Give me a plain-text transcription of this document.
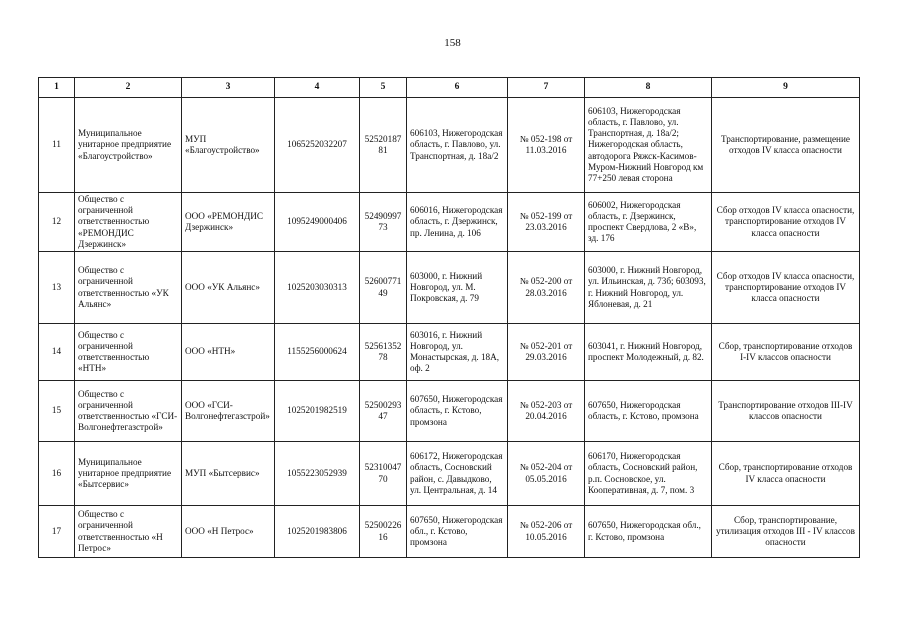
158
1	2	3	4	5	6	7	8	9
11	Муниципальное унитарное предприятие «Благоустройство»	МУП «Благоустройство»	1065252032207	5252018781	606103, Нижегородская область, г. Павлово, ул. Транспортная, д. 18а/2	№ 052-198 от 11.03.2016	606103, Нижегородская область, г. Павлово, ул. Транспортная, д. 18а/2; Нижегородская область, автодорога Ряжск-Касимов-Муром-Нижний Новгород км 77+250 левая сторона	Транспортирование, размещение отходов IV класса опасности
12	Общество с ограниченной ответственностью «РЕМОНДИС Дзержинск»	ООО «РЕМОНДИС Дзержинск»	1095249000406	5249099773	606016, Нижегородская область, г. Дзержинск, пр. Ленина, д. 106	№ 052-199 от 23.03.2016	606002, Нижегородская область, г. Дзержинск, проспект Свердлова, 2 «В», зд. 176	Сбор отходов IV класса опасности, транспортирование отходов IV класса опасности
13	Общество с ограниченной ответственностью «УК Альянс»	ООО «УК Альянс»	1025203030313	5260077149	603000, г. Нижний Новгород, ул. М. Покровская, д. 79	№ 052-200 от 28.03.2016	603000, г. Нижний Новгород, ул. Ильинская, д. 73б; 603093, г. Нижний Новгород, ул. Яблоневая, д. 21	Сбор отходов IV класса опасности, транспортирование отходов IV класса опасности
14	Общество с ограниченной ответственностью «НТН»	ООО «НТН»	1155256000624	5256135278	603016, г. Нижний Новгород, ул. Монастырская, д. 18А, оф. 2	№ 052-201 от 29.03.2016	603041, г. Нижний Новгород, проспект Молодежный, д. 82.	Сбор, транспортирование отходов I-IV классов опасности
15	Общество с ограниченной ответственностью «ГСИ-Волгонефтегазстрой»	ООО «ГСИ-Волгонефтегазстрой»	1025201982519	5250029347	607650, Нижегородская область, г. Кстово, промзона	№ 052-203 от 20.04.2016	607650, Нижегородская область, г. Кстово, промзона	Транспортирование отходов III-IV классов опасности
16	Муниципальное унитарное предприятие «Бытсервис»	МУП «Бытсервис»	1055223052939	5231004770	606172, Нижегородская область, Сосновский район, с. Давыдково, ул. Центральная, д. 14	№ 052-204 от 05.05.2016	606170, Нижегородская область, Сосновский район, р.п. Сосновское, ул. Кооперативная, д. 7, пом. 3	Сбор, транспортирование отходов IV класса опасности
17	Общество с ограниченной ответственностью «Н Петрос»	ООО «Н Петрос»	1025201983806	5250022616	607650, Нижегородская обл., г. Кстово, промзона	№ 052-206 от 10.05.2016	607650, Нижегородская обл., г. Кстово, промзона	Сбор, транспортирование, утилизация отходов III - IV классов опасности
